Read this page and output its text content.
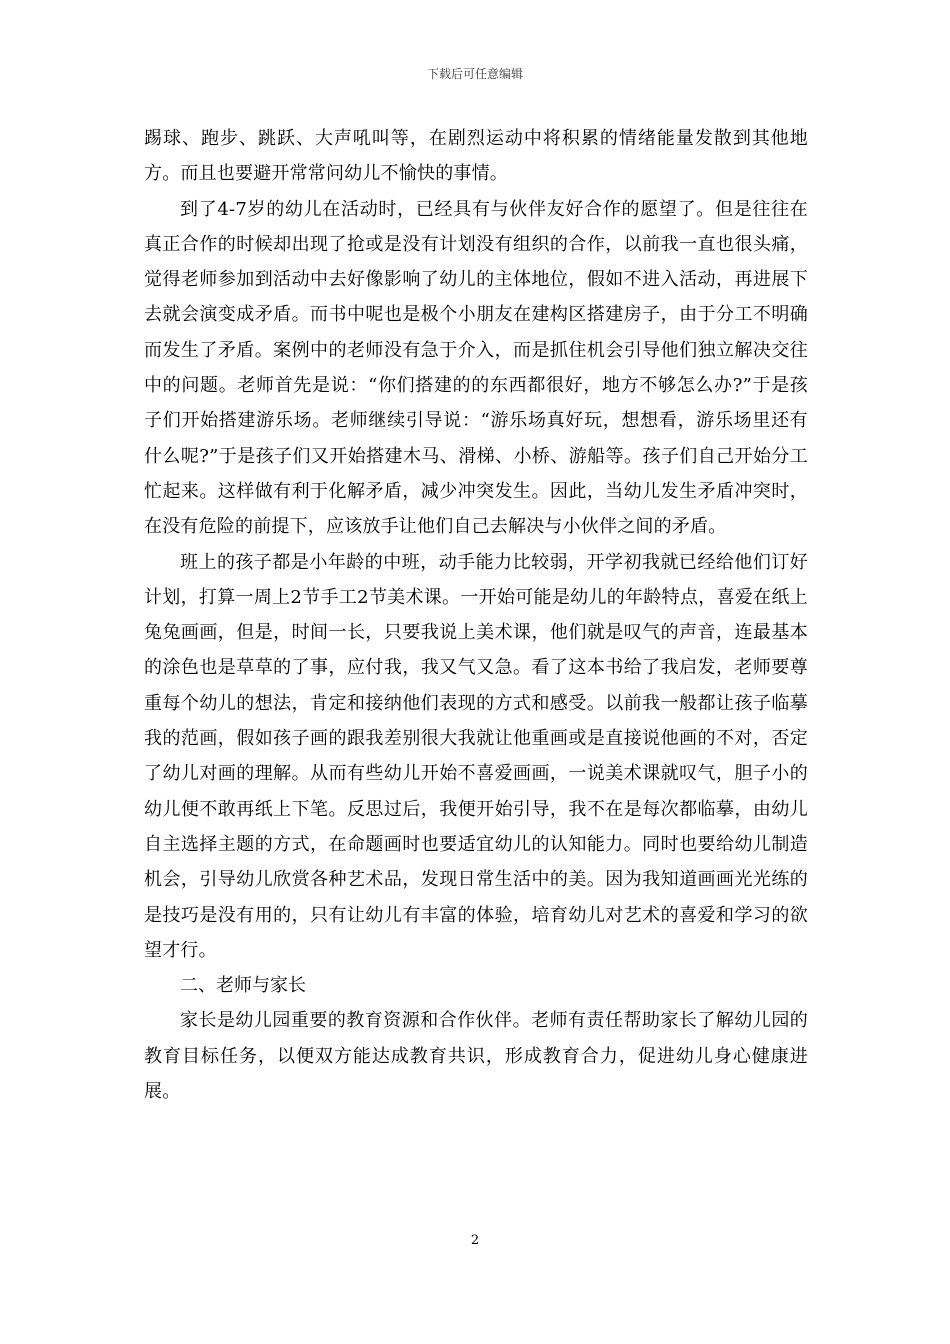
下载后可任意编辑

踢球、跑步、跳跃、大声吼叫等，在剧烈运动中将积累的情绪能量发散到其他地方。而且也要避开常常问幼儿不愉快的事情。

到了4-7岁的幼儿在活动时，已经具有与伙伴友好合作的愿望了。但是往往在真正合作的时候却出现了抢或是没有计划没有组织的合作，以前我一直也很头痛，觉得老师参加到活动中去好像影响了幼儿的主体地位，假如不进入活动，再进展下去就会演变成矛盾。而书中呢也是极个小朋友在建构区搭建房子，由于分工不明确而发生了矛盾。案例中的老师没有急于介入，而是抓住机会引导他们独立解决交往中的问题。老师首先是说：“你们搭建的的东西都很好，地方不够怎么办?”于是孩子们开始搭建游乐场。老师继续引导说：“游乐场真好玩，想想看，游乐场里还有什么呢?”于是孩子们又开始搭建木马、滑梯、小桥、游船等。孩子们自己开始分工忙起来。这样做有利于化解矛盾，减少冲突发生。因此，当幼儿发生矛盾冲突时，在没有危险的前提下，应该放手让他们自己去解决与小伙伴之间的矛盾。

班上的孩子都是小年龄的中班，动手能力比较弱，开学初我就已经给他们订好计划，打算一周上2节手工2节美术课。一开始可能是幼儿的年龄特点，喜爱在纸上兔兔画画，但是，时间一长，只要我说上美术课，他们就是叹气的声音，连最基本的涂色也是草草的了事，应付我，我又气又急。看了这本书给了我启发，老师要尊重每个幼儿的想法，肯定和接纳他们表现的方式和感受。以前我一般都让孩子临摹我的范画，假如孩子画的跟我差别很大我就让他重画或是直接说他画的不对，否定了幼儿对画的理解。从而有些幼儿开始不喜爱画画，一说美术课就叹气，胆子小的幼儿便不敢再纸上下笔。反思过后，我便开始引导，我不在是每次都临摹，由幼儿自主选择主题的方式，在命题画时也要适宜幼儿的认知能力。同时也要给幼儿制造机会，引导幼儿欣赏各种艺术品，发现日常生活中的美。因为我知道画画光光练的是技巧是没有用的，只有让幼儿有丰富的体验，培育幼儿对艺术的喜爱和学习的欲望才行。

二、老师与家长

家长是幼儿园重要的教育资源和合作伙伴。老师有责任帮助家长了解幼儿园的教育目标任务，以便双方能达成教育共识，形成教育合力，促进幼儿身心健康进展。

2
